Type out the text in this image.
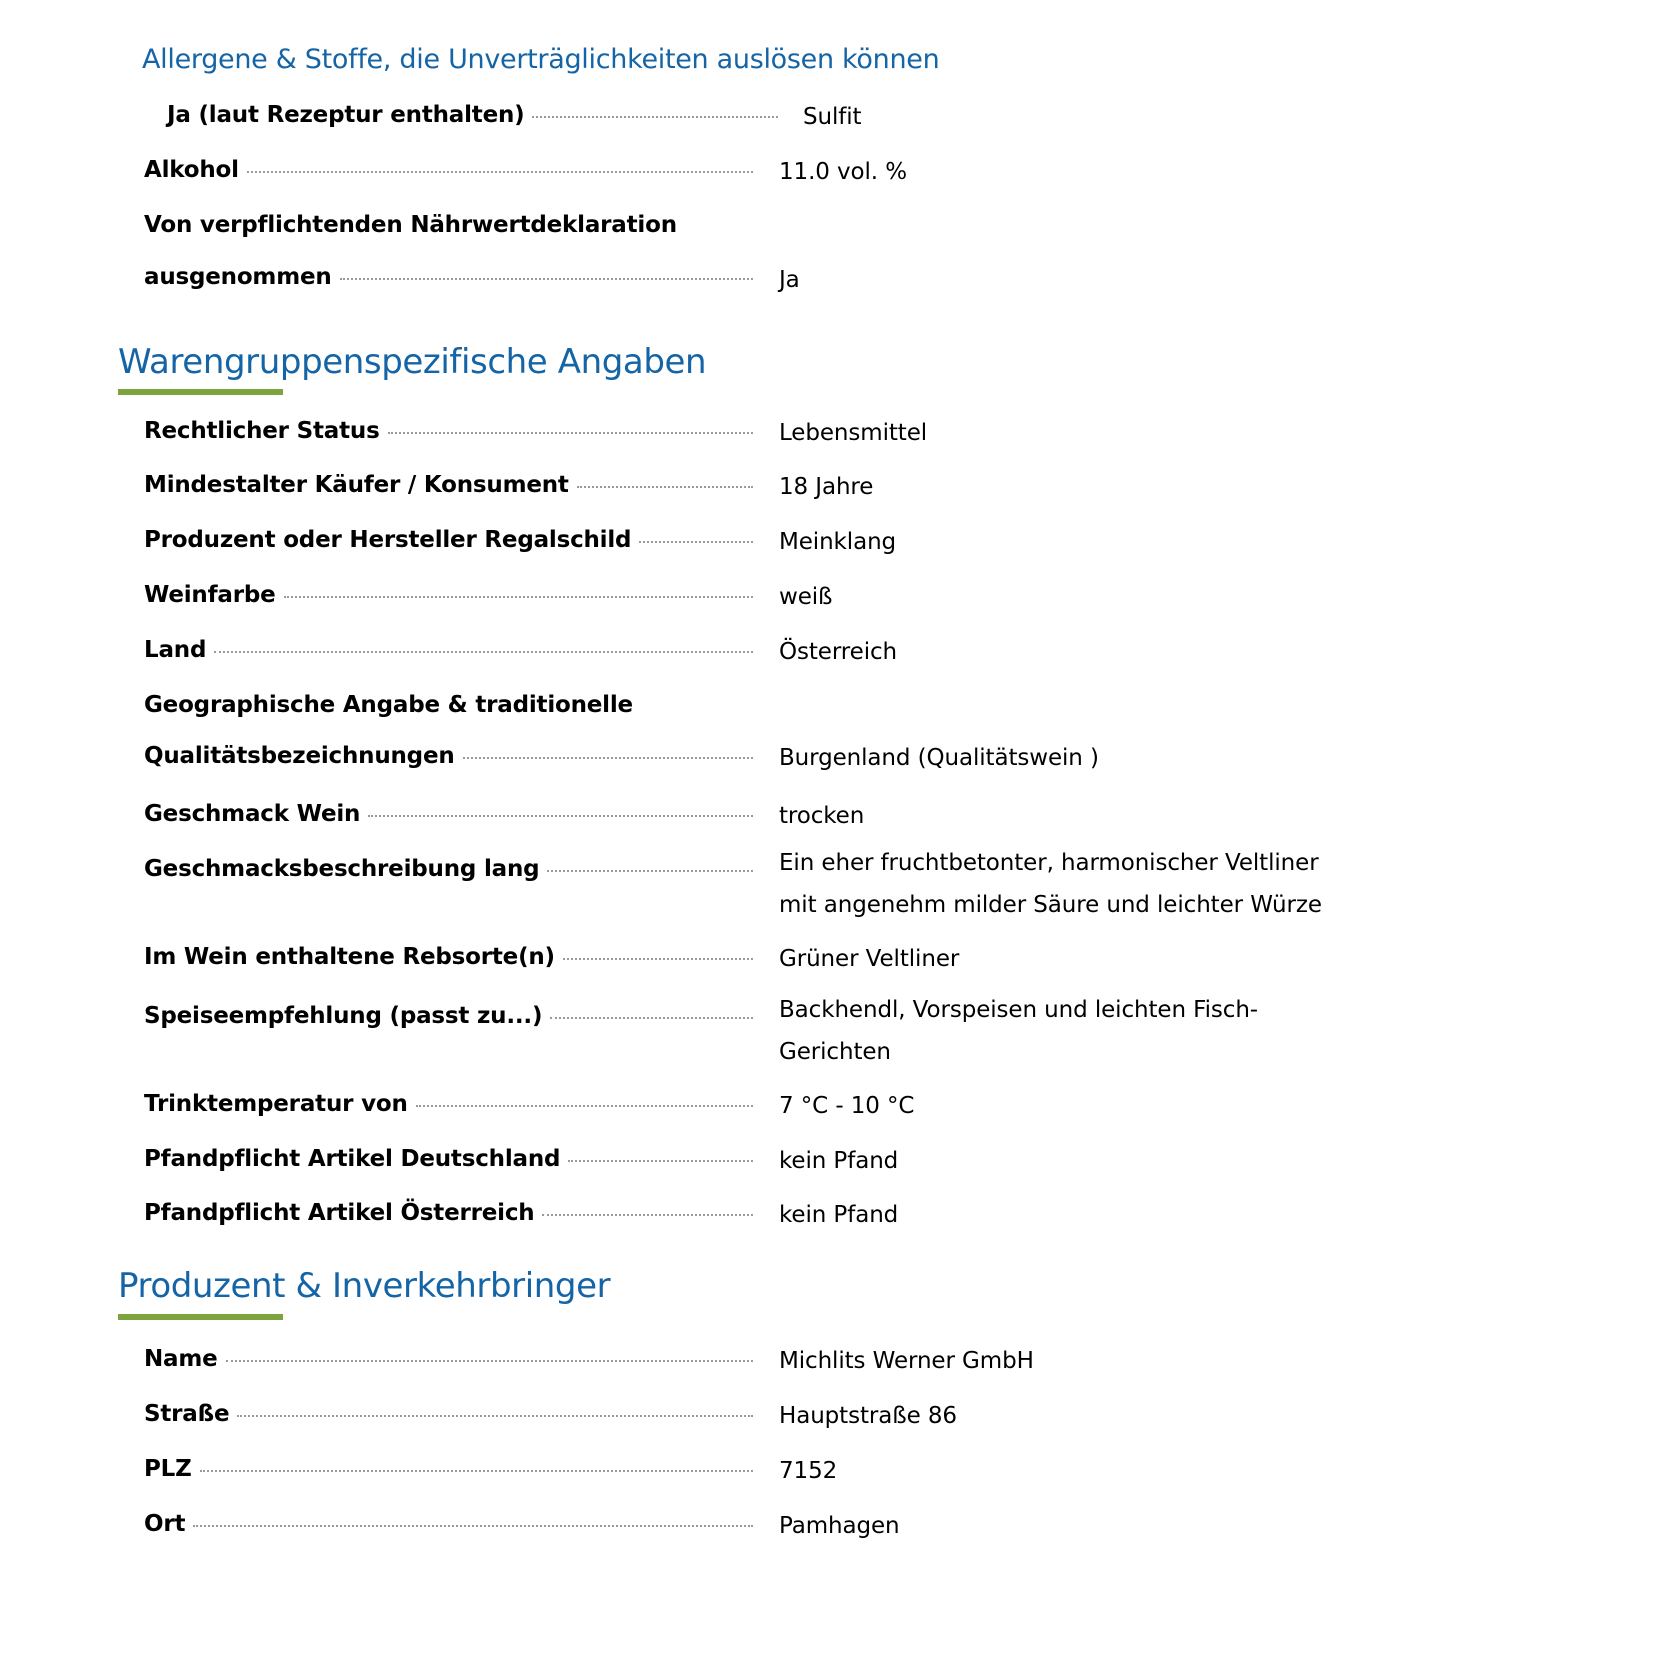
Allergene & Stoffe, die Unverträglichkeiten auslösen können
Ja (laut Rezeptur enthalten)	Sulfit
Alkohol	11.0 vol. %
Von verpflichtenden Nährwertdeklaration
ausgenommen	Ja
Warengruppenspezifische Angaben
Rechtlicher Status	Lebensmittel
Mindestalter Käufer / Konsument	18 Jahre
Produzent oder Hersteller Regalschild	Meinklang
Weinfarbe	weiß
Land	Österreich
Geographische Angabe & traditionelle
Qualitätsbezeichnungen	Burgenland (Qualitätswein )
Geschmack Wein	trocken
Geschmacksbeschreibung lang	Ein eher fruchtbetonter, harmonischer Veltliner mit angenehm milder Säure und leichter Würze
Im Wein enthaltene Rebsorte(n)	Grüner Veltliner
Speiseempfehlung (passt zu...)	Backhendl, Vorspeisen und leichten Fisch-Gerichten
Trinktemperatur von	7 °C - 10 °C
Pfandpflicht Artikel Deutschland	kein Pfand
Pfandpflicht Artikel Österreich	kein Pfand
Produzent & Inverkehrbringer
Name	Michlits Werner GmbH
Straße	Hauptstraße 86
PLZ	7152
Ort	Pamhagen
